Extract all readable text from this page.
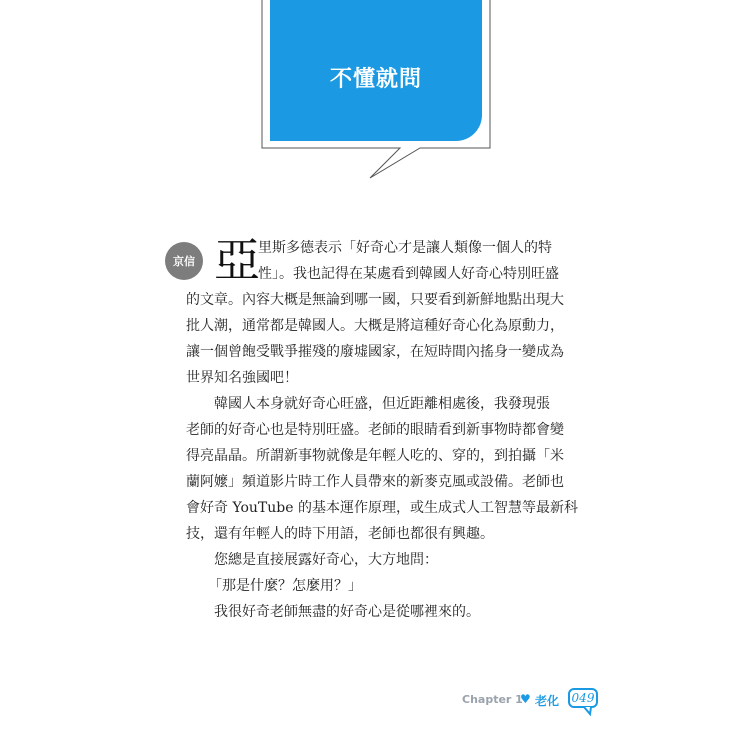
不懂就問
京信 亞
里斯多德表示「好奇心才是讓人類像一個人的特
性」。我也記得在某處看到韓國人好奇心特別旺盛
的文章。內容大概是無論到哪一國，只要看到新鮮地點出現大
批人潮，通常都是韓國人。大概是將這種好奇心化為原動力，
讓一個曾飽受戰爭摧殘的廢墟國家，在短時間內搖身一變成為
世界知名強國吧！
韓國人本身就好奇心旺盛，但近距離相處後，我發現張
老師的好奇心也是特別旺盛。老師的眼睛看到新事物時都會變
得亮晶晶。所謂新事物就像是年輕人吃的、穿的，到拍攝「米
蘭阿嬤」頻道影片時工作人員帶來的新麥克風或設備。老師也
會好奇 YouTube 的基本運作原理，或生成式人工智慧等最新科
技，還有年輕人的時下用語，老師也都很有興趣。
您總是直接展露好奇心，大方地問：
「那是什麼？怎麼用？」
我很好奇老師無盡的好奇心是從哪裡來的。
Chapter 1
♥ 老化 049
